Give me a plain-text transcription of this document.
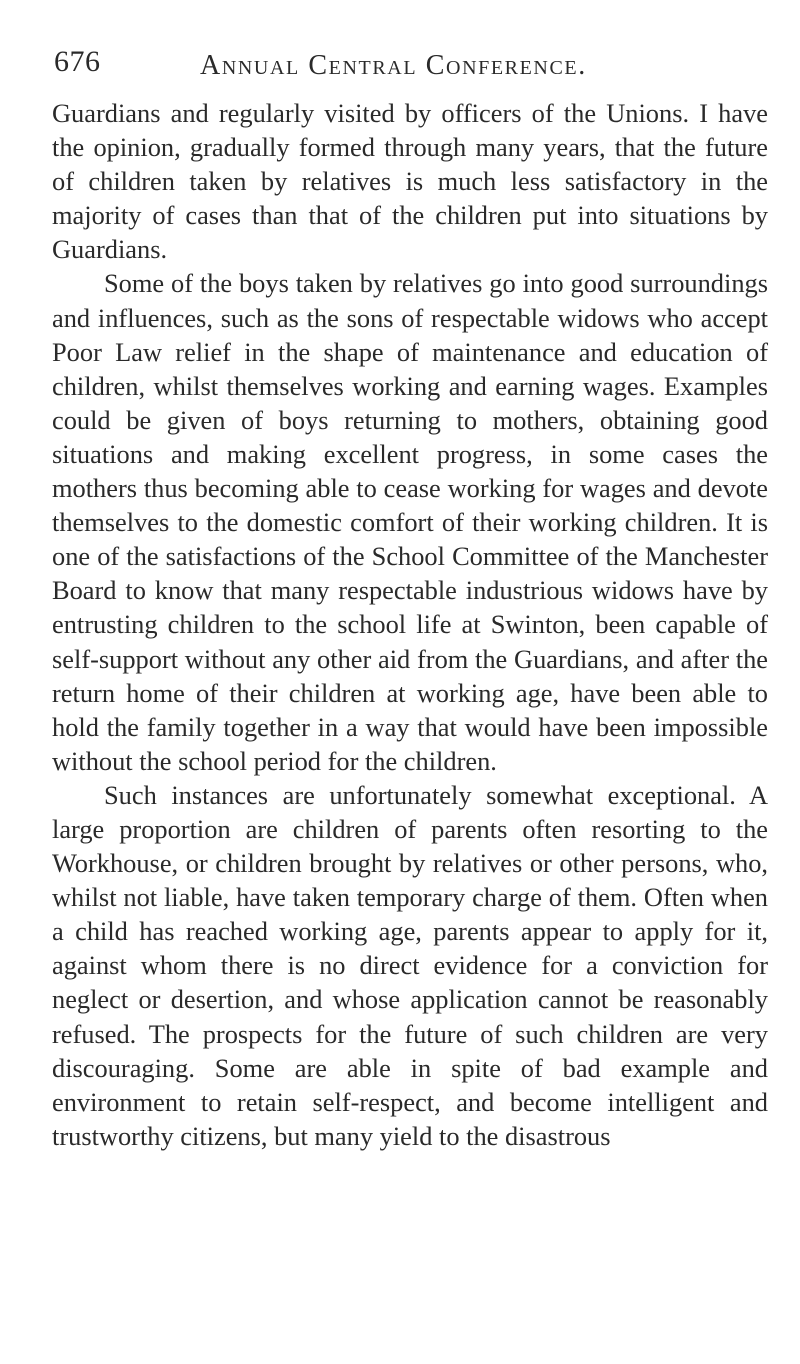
676	Annual Central Conference.

Guardians and regularly visited by officers of the Unions. I have the opinion, gradually formed through many years, that the future of children taken by relatives is much less satisfactory in the majority of cases than that of the children put into situations by Guardians.

Some of the boys taken by relatives go into good surroundings and influences, such as the sons of respectable widows who accept Poor Law relief in the shape of maintenance and education of children, whilst themselves working and earning wages. Examples could be given of boys returning to mothers, obtaining good situations and making excellent progress, in some cases the mothers thus becoming able to cease working for wages and devote themselves to the domestic comfort of their working children. It is one of the satisfactions of the School Committee of the Manchester Board to know that many respectable industrious widows have by entrusting children to the school life at Swinton, been capable of self-support without any other aid from the Guardians, and after the return home of their children at working age, have been able to hold the family together in a way that would have been impossible without the school period for the children.

Such instances are unfortunately somewhat exceptional. A large proportion are children of parents often resorting to the Workhouse, or children brought by relatives or other persons, who, whilst not liable, have taken temporary charge of them. Often when a child has reached working age, parents appear to apply for it, against whom there is no direct evidence for a conviction for neglect or desertion, and whose application cannot be reasonably refused. The prospects for the future of such children are very discouraging. Some are able in spite of bad example and environment to retain self-respect, and become intelligent and trustworthy citizens, but many yield to the disastrous
